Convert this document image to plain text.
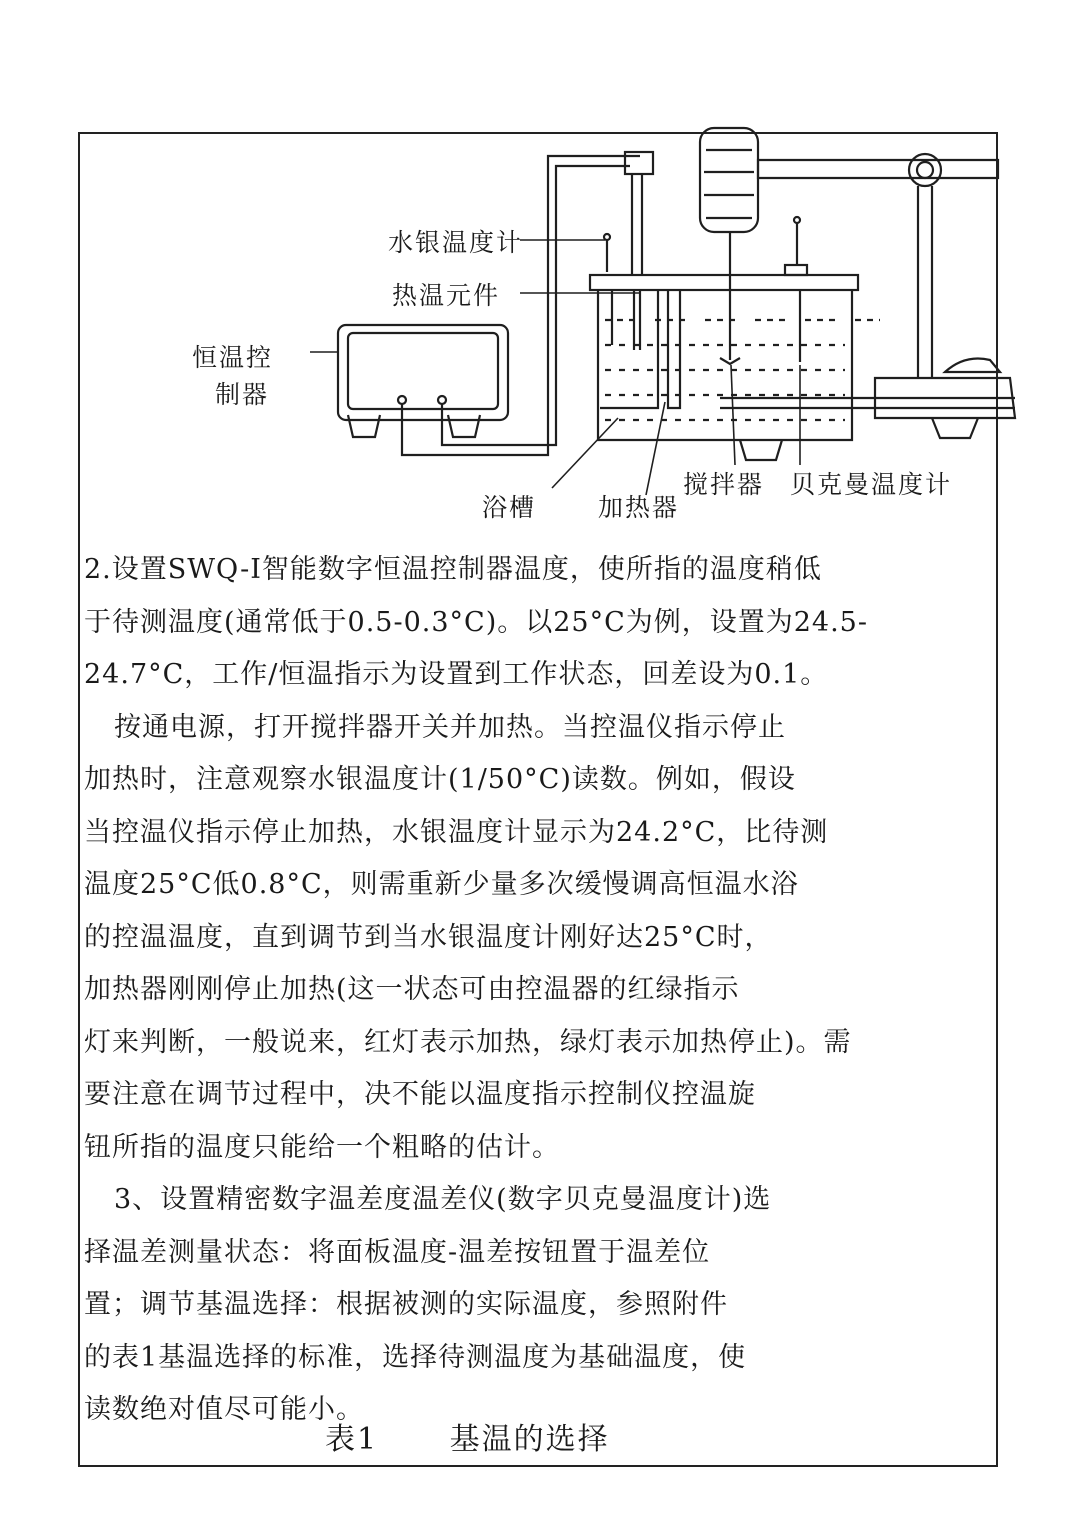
水银温度计
热温元件
恒温控
制器
浴槽 加热器
搅拌器 贝克曼温度计
2.设置SWQ-I智能数字恒温控制器温度，使所指的温度稍低
于待测温度(通常低于0.5-0.3°C)。以25°C为例，设置为24.5-
24.7°C，工作/恒温指示为设置到工作状态，回差设为0.1。
按通电源，打开搅拌器开关并加热。当控温仪指示停止
加热时，注意观察水银温度计(1/50°C)读数。例如，假设
当控温仪指示停止加热，水银温度计显示为24.2°C，比待测
温度25°C低0.8°C，则需重新少量多次缓慢调高恒温水浴
的控温温度，直到调节到当水银温度计刚好达25°C时，
加热器刚刚停止加热(这一状态可由控温器的红绿指示
灯来判断，一般说来，红灯表示加热，绿灯表示加热停止)。需
要注意在调节过程中，决不能以温度指示控制仪控温旋
钮所指的温度只能给一个粗略的估计。
3、设置精密数字温差度温差仪(数字贝克曼温度计)选
择温差测量状态：将面板温度-温差按钮置于温差位
置；调节基温选择：根据被测的实际温度，参照附件
的表1基温选择的标准，选择待测温度为基础温度，使
读数绝对值尽可能小。
表1 基温的选择
